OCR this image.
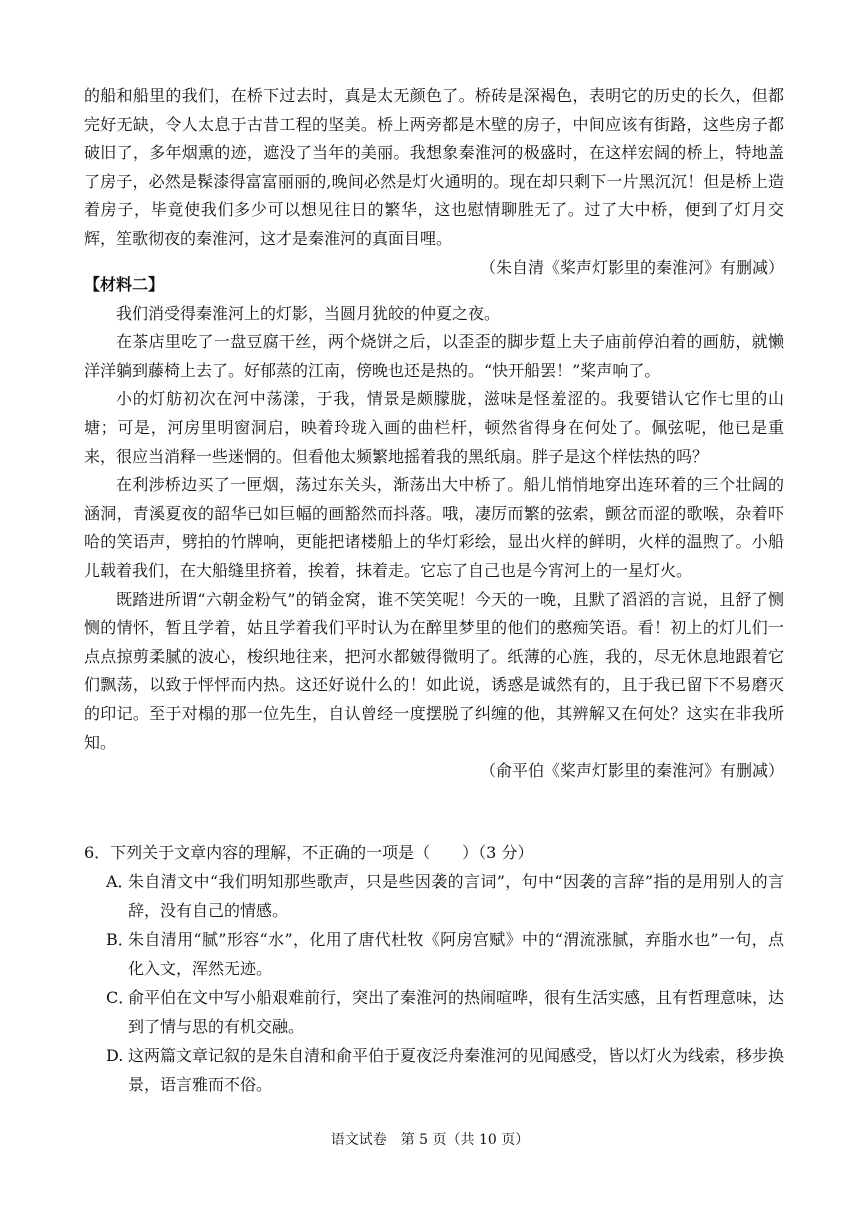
的船和船里的我们，在桥下过去时，真是太无颜色了。桥砖是深褐色，表明它的历史的长久，但都完好无缺，令人太息于古昔工程的坚美。桥上两旁都是木壁的房子，中间应该有街路，这些房子都破旧了，多年烟熏的迹，遮没了当年的美丽。我想象秦淮河的极盛时，在这样宏阔的桥上，特地盖了房子，必然是髹漆得富富丽丽的,晚间必然是灯火通明的。现在却只剩下一片黑沉沉！但是桥上造着房子，毕竟使我们多少可以想见往日的繁华，这也慰情聊胜无了。过了大中桥，便到了灯月交辉，笙歌彻夜的秦淮河，这才是秦淮河的真面目哩。

（朱自清《桨声灯影里的秦淮河》有删减）

【材料二】

我们消受得秦淮河上的灯影，当圆月犹皎的仲夏之夜。

在茶店里吃了一盘豆腐干丝，两个烧饼之后，以歪歪的脚步踅上夫子庙前停泊着的画舫，就懒洋洋躺到藤椅上去了。好郁蒸的江南，傍晚也还是热的。“快开船罢！”桨声响了。

小的灯舫初次在河中荡漾，于我，情景是颇朦胧，滋味是怪羞涩的。我要错认它作七里的山塘；可是，河房里明窗洞启，映着玲珑入画的曲栏杆，顿然省得身在何处了。佩弦呢，他已是重来，很应当消释一些迷惘的。但看他太频繁地摇着我的黑纸扇。胖子是这个样怯热的吗？

在利涉桥边买了一匣烟，荡过东关头，渐荡出大中桥了。船儿悄悄地穿出连环着的三个壮阔的涵洞，青溪夏夜的韶华已如巨幅的画豁然而抖落。哦，凄厉而繁的弦索，颤岔而涩的歌喉，杂着吓哈的笑语声，劈拍的竹牌响，更能把诸楼船上的华灯彩绘，显出火样的鲜明，火样的温煦了。小船儿载着我们，在大船缝里挤着，挨着，抹着走。它忘了自己也是今宵河上的一星灯火。

既踏进所谓“六朝金粉气”的销金窝，谁不笑笑呢！今天的一晚，且默了滔滔的言说，且舒了恻恻的情怀，暂且学着，姑且学着我们平时认为在醉里梦里的他们的憨痴笑语。看！初上的灯儿们一点点掠剪柔腻的波心，梭织地往来，把河水都皴得微明了。纸薄的心旌，我的，尽无休息地跟着它们飘荡，以致于怦怦而内热。这还好说什么的！如此说，诱惑是诚然有的，且于我已留下不易磨灭的印记。至于对榻的那一位先生，自认曾经一度摆脱了纠缠的他，其辨解又在何处？这实在非我所知。

（俞平伯《桨声灯影里的秦淮河》有删减）

6．下列关于文章内容的理解，不正确的一项是（　　）（3 分）
A．
朱自清文中“我们明知那些歌声，只是些因袭的言词”，句中“因袭的言辞”指的是用别人的言辞，没有自己的情感。
B．
朱自清用“腻”形容“水”，化用了唐代杜牧《阿房宫赋》中的“渭流涨腻，弃脂水也”一句，点化入文，浑然无迹。
C．
俞平伯在文中写小船艰难前行，突出了秦淮河的热闹喧哗，很有生活实感，且有哲理意味，达到了情与思的有机交融。
D. 这两篇文章记叙的是朱自清和俞平伯于夏夜泛舟秦淮河的见闻感受，皆以灯火为线索，移步换景，语言雅而不俗。
语文试卷　第 5 页（共 10 页）
